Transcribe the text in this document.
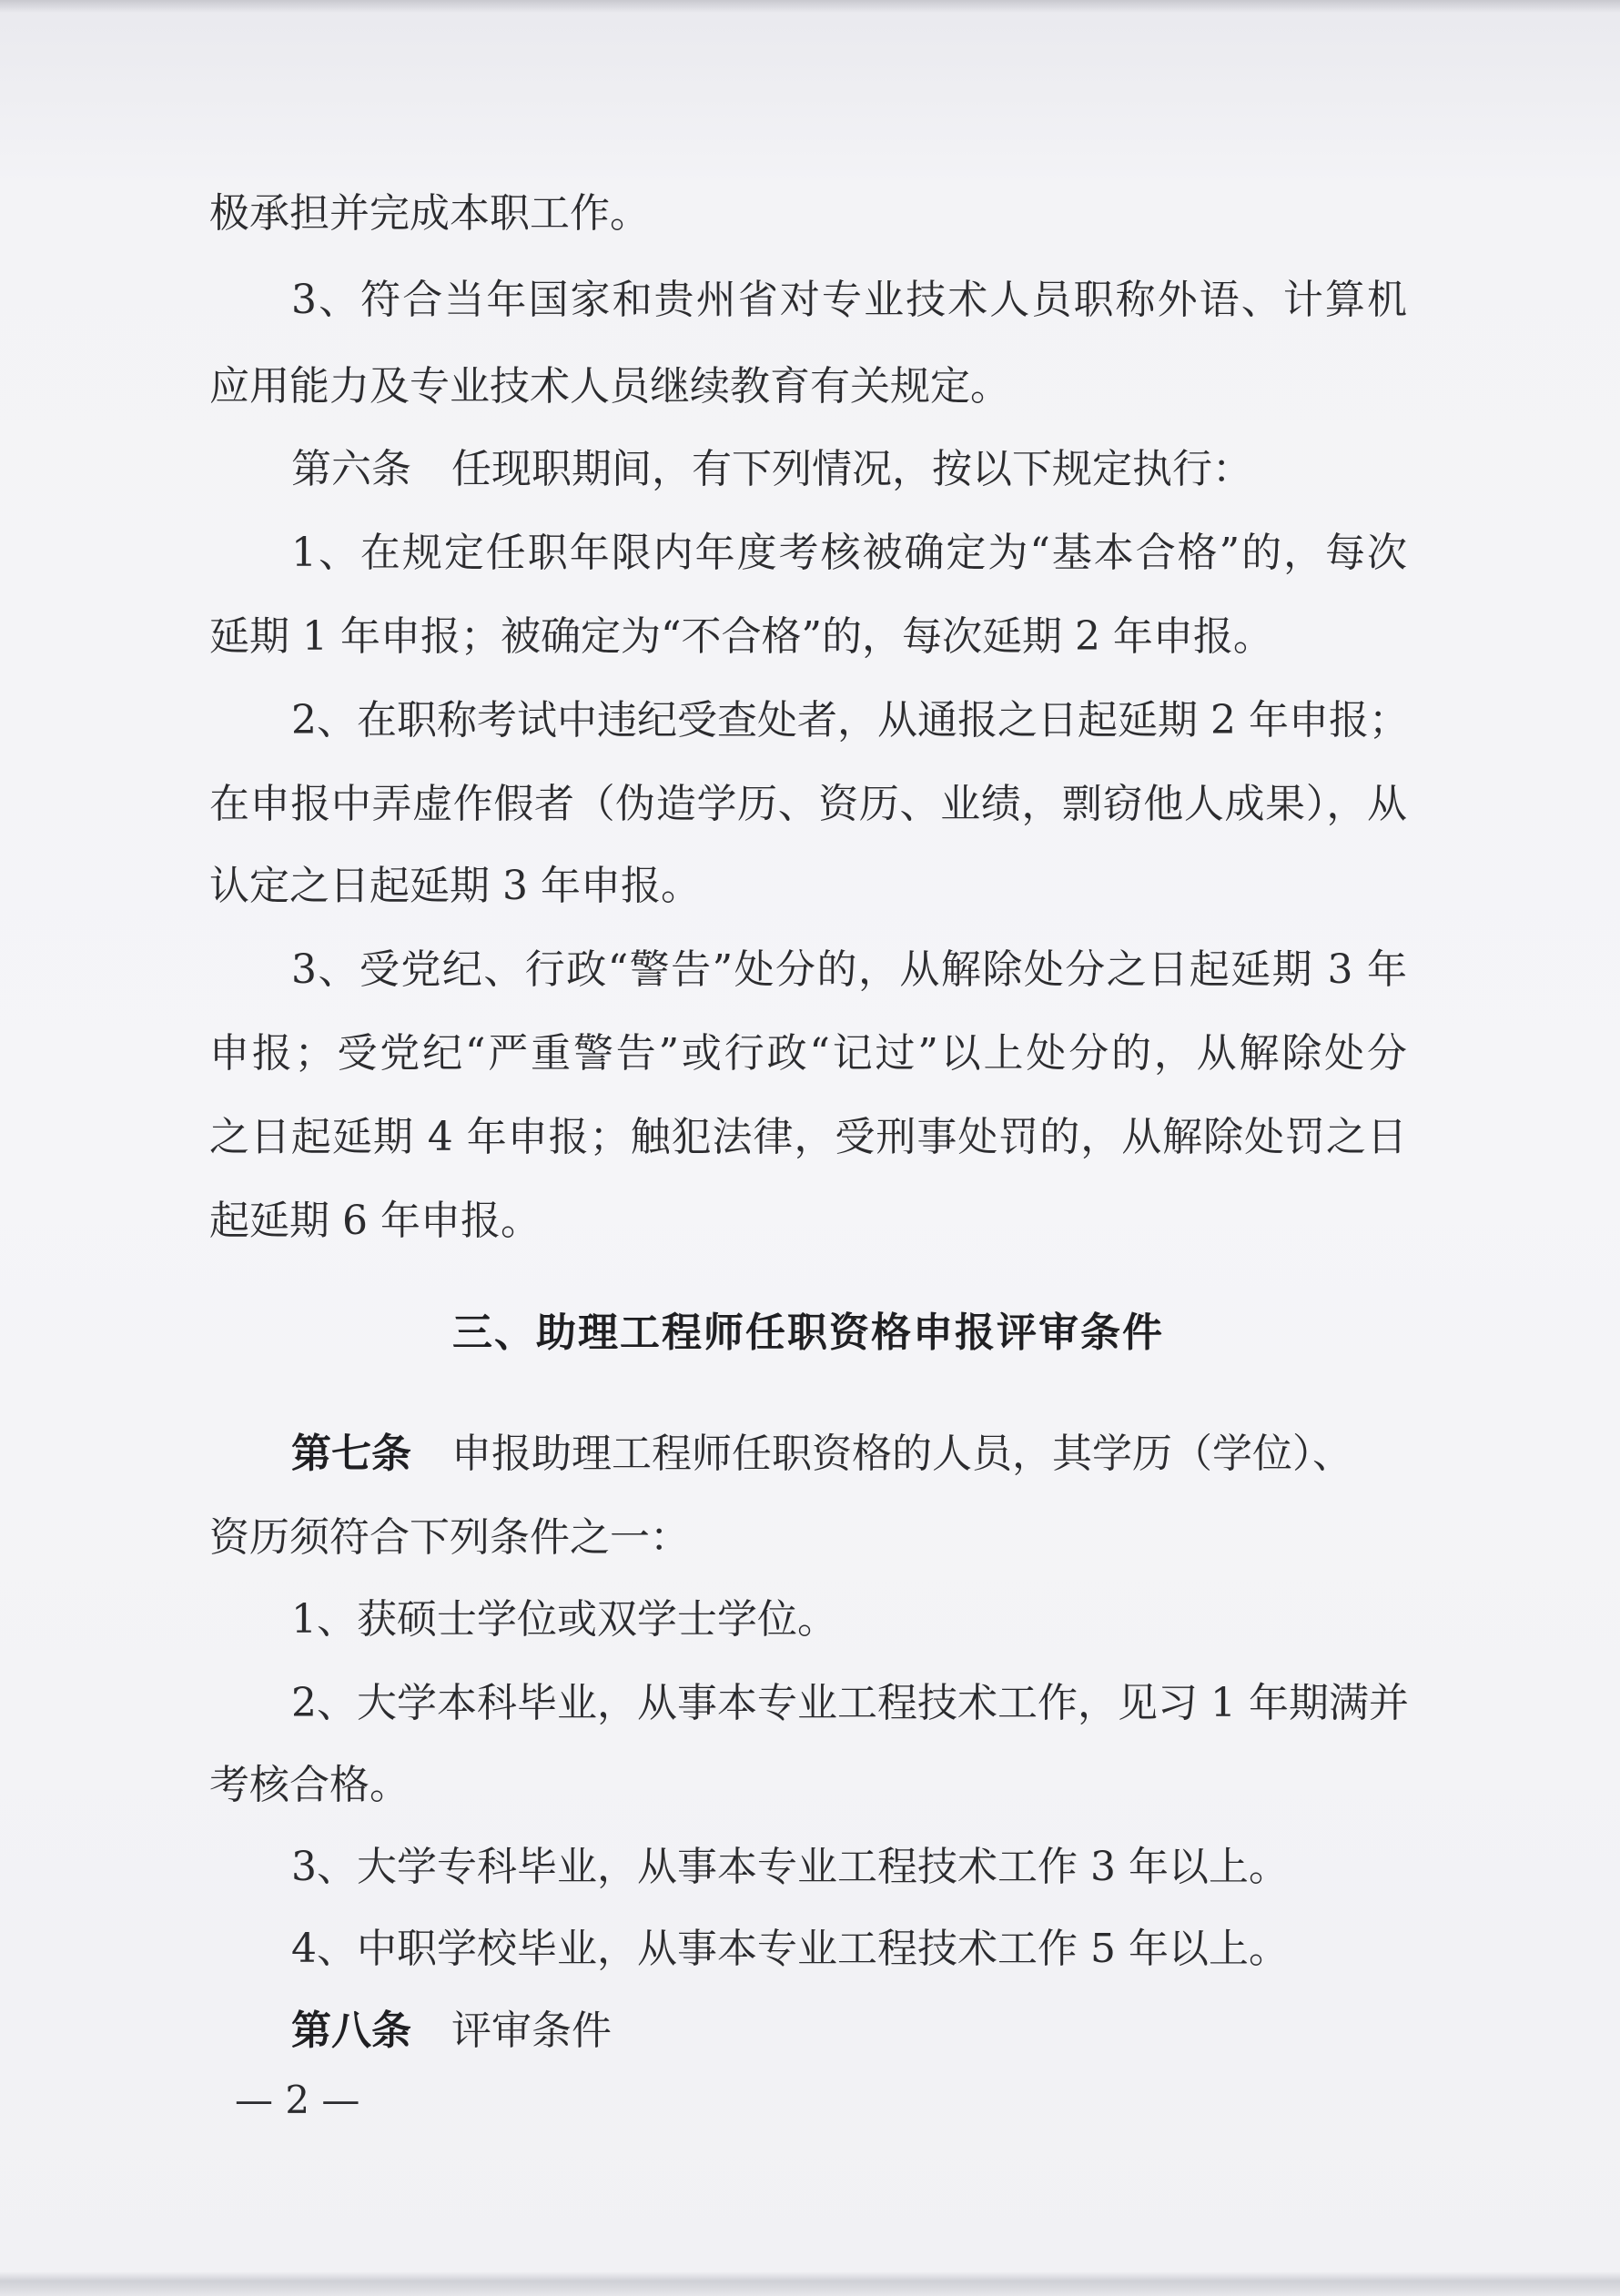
极承担并完成本职工作。

3、符合当年国家和贵州省对专业技术人员职称外语、计算机

应用能力及专业技术人员继续教育有关规定。

第六条 任现职期间，有下列情况，按以下规定执行：

1、在规定任职年限内年度考核被确定为“基本合格”的，每次

延期 1 年申报；被确定为“不合格”的，每次延期 2 年申报。

2、在职称考试中违纪受查处者，从通报之日起延期 2 年申报；

在申报中弄虚作假者（伪造学历、资历、业绩，剽窃他人成果），从

认定之日起延期 3 年申报。

3、受党纪、行政“警告”处分的，从解除处分之日起延期 3 年

申报；受党纪“严重警告”或行政“记过”以上处分的，从解除处分

之日起延期 4 年申报；触犯法律，受刑事处罚的，从解除处罚之日

起延期 6 年申报。

三、助理工程师任职资格申报评审条件

第七条 申报助理工程师任职资格的人员，其学历（学位）、

资历须符合下列条件之一：

1、获硕士学位或双学士学位。

2、大学本科毕业，从事本专业工程技术工作，见习 1 年期满并

考核合格。

3、大学专科毕业，从事本专业工程技术工作 3 年以上。

4、中职学校毕业，从事本专业工程技术工作 5 年以上。

第八条 评审条件

— 2 —
